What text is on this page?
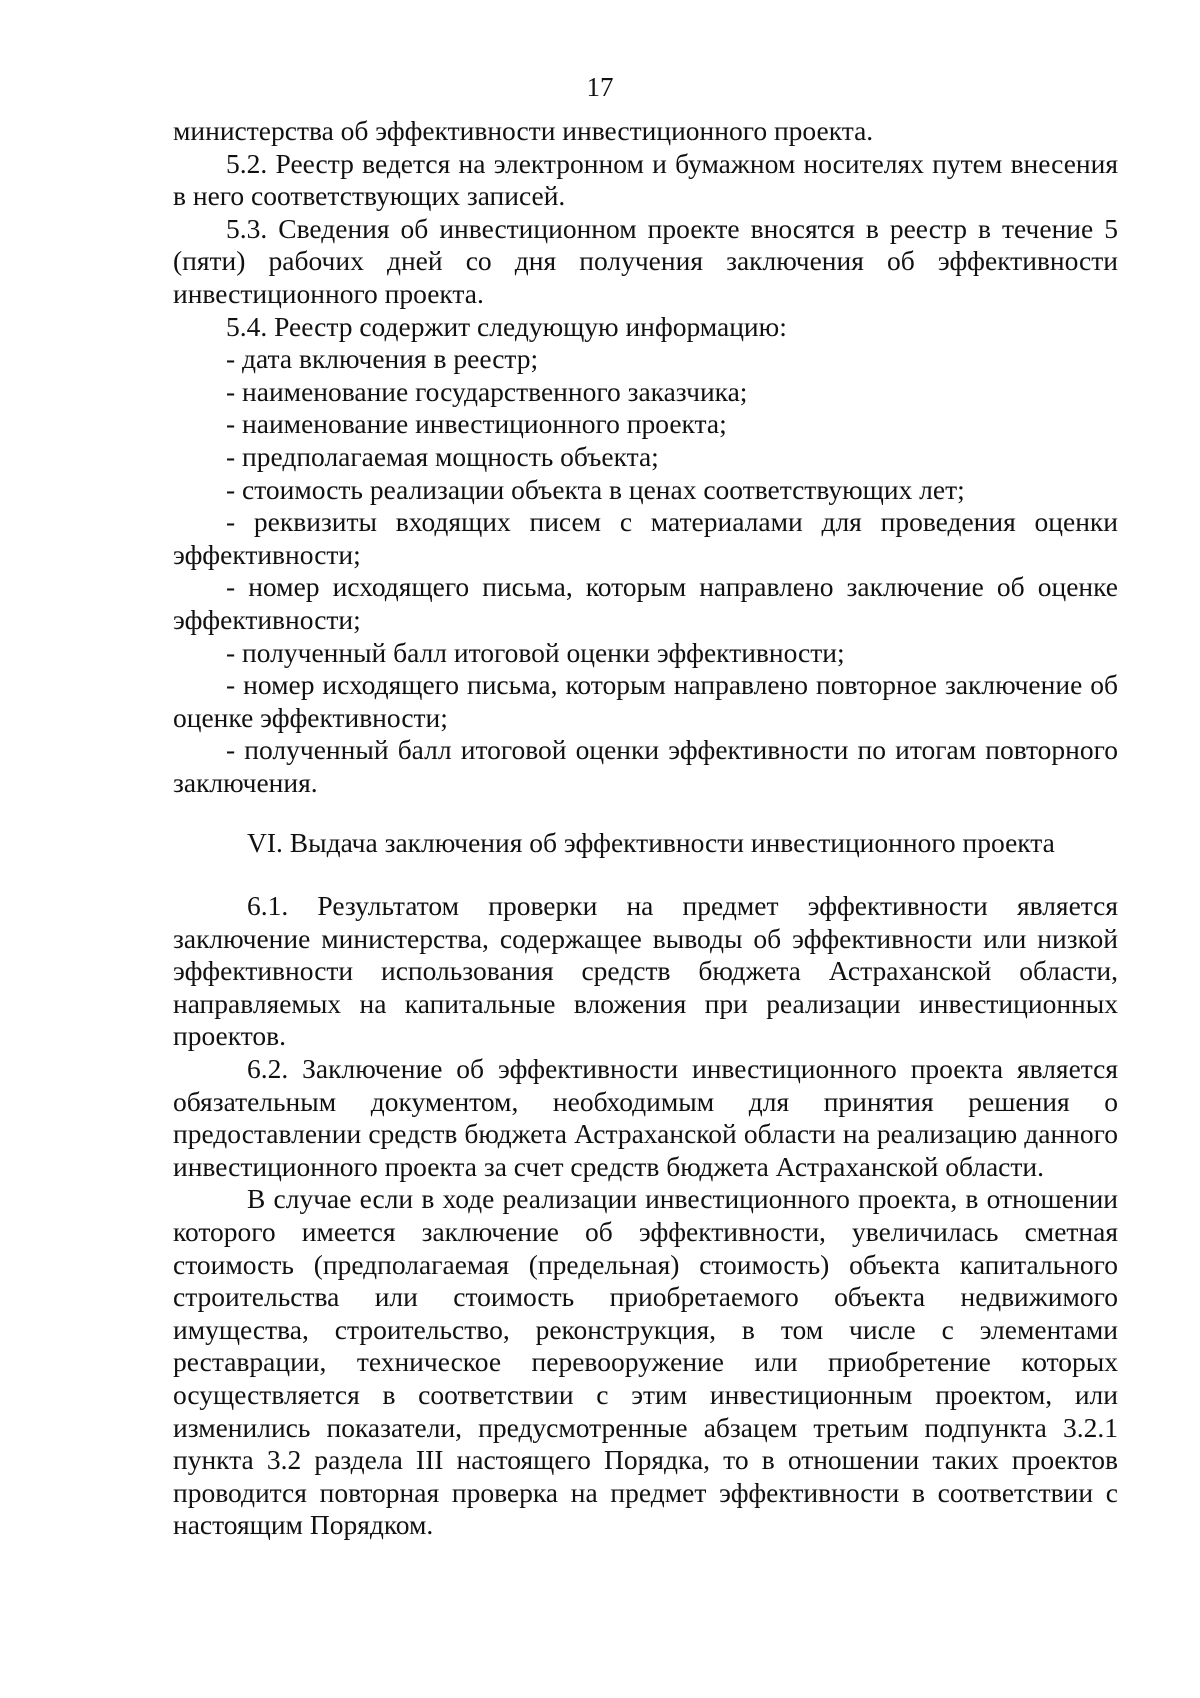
17

министерства об эффективности инвестиционного проекта.

5.2. Реестр ведется на электронном и бумажном носителях путем внесения в него соответствующих записей.

5.3. Сведения об инвестиционном проекте вносятся в реестр в течение 5 (пяти) рабочих дней со дня получения заключения об эффективности инвестиционного проекта.

5.4. Реестр содержит следующую информацию:

- дата включения в реестр;

- наименование государственного заказчика;

- наименование инвестиционного проекта;

- предполагаемая мощность объекта;

- стоимость реализации объекта в ценах соответствующих лет;

- реквизиты входящих писем с материалами для проведения оценки эффективности;

- номер исходящего письма, которым направлено заключение об оценке эффективности;

- полученный балл итоговой оценки эффективности;

- номер исходящего письма, которым направлено повторное заключение об оценке эффективности;

- полученный балл итоговой оценки эффективности по итогам повторного заключения.

VI. Выдача заключения об эффективности инвестиционного проекта

6.1. Результатом проверки на предмет эффективности является заключение министерства, содержащее выводы об эффективности или низкой эффективности использования средств бюджета Астраханской области, направляемых на капитальные вложения при реализации инвестиционных проектов.

6.2. Заключение об эффективности инвестиционного проекта является обязательным документом, необходимым для принятия решения о предоставлении средств бюджета Астраханской области на реализацию данного инвестиционного проекта за счет средств бюджета Астраханской области.

В случае если в ходе реализации инвестиционного проекта, в отношении которого имеется заключение об эффективности, увеличилась сметная стоимость (предполагаемая (предельная) стоимость) объекта капитального строительства или стоимость приобретаемого объекта недвижимого имущества, строительство, реконструкция, в том числе с элементами реставрации, техническое перевооружение или приобретение которых осуществляется в соответствии с этим инвестиционным проектом, или изменились показатели, предусмотренные абзацем третьим подпункта 3.2.1 пункта 3.2 раздела III настоящего Порядка, то в отношении таких проектов проводится повторная проверка на предмет эффективности в соответствии с настоящим Порядком.
